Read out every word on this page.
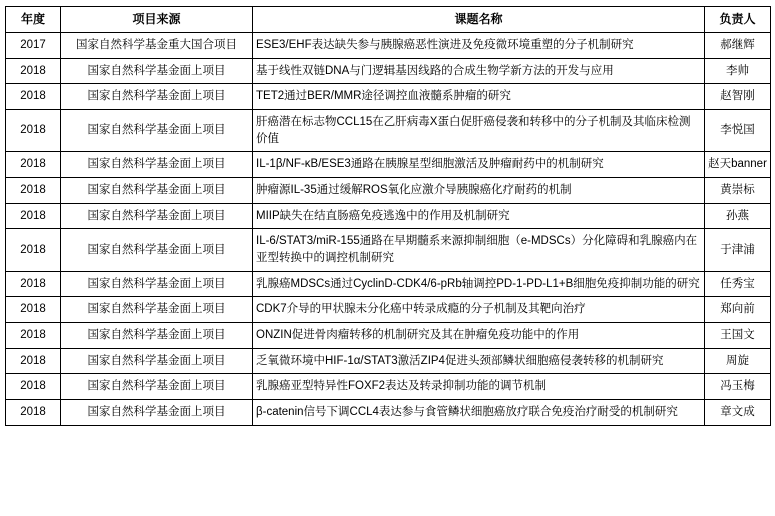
年度	项目来源	课题名称	负责人
2017	国家自然科学基金重大国合项目	ESE3/EHF表达缺失参与胰腺癌恶性演进及免疫微环境重塑的分子机制研究	郝继辉
2018	国家自然科学基金面上项目	基于线性双链DNA与门逻辑基因线路的合成生物学新方法的开发与应用	李帅
2018	国家自然科学基金面上项目	TET2通过BER/MMR途径调控血液髓系肿瘤的研究	赵智刚
2018	国家自然科学基金面上项目	肝癌潜在标志物CCL15在乙肝病毒X蛋白促肝癌侵袭和转移中的分子机制及其临床检测价值	李悦国
2018	国家自然科学基金面上项目	IL-1β/NF-κB/ESE3通路在胰腺星型细胞激活及肿瘤耐药中的机制研究	赵天banner
2018	国家自然科学基金面上项目	肿瘤源IL-35通过缓解ROS氧化应激介导胰腺癌化疗耐药的机制	黄崇标
2018	国家自然科学基金面上项目	MIIP缺失在结直肠癌免疫逃逸中的作用及机制研究	孙燕
2018	国家自然科学基金面上项目	IL-6/STAT3/miR-155通路在早期髓系来源抑制细胞（e-MDSCs）分化障碍和乳腺癌内在亚型转换中的调控机制研究	于津浦
2018	国家自然科学基金面上项目	乳腺癌MDSCs通过CyclinD-CDK4/6-pRb轴调控PD-1-PD-L1+B细胞免疫抑制功能的研究	任秀宝
2018	国家自然科学基金面上项目	CDK7介导的甲状腺未分化癌中转录成瘾的分子机制及其靶向治疗	郑向前
2018	国家自然科学基金面上项目	ONZIN促进骨肉瘤转移的机制研究及其在肿瘤免疫功能中的作用	王国文
2018	国家自然科学基金面上项目	乏氧微环境中HIF-1α/STAT3激活ZIP4促进头颈部鳞状细胞癌侵袭转移的机制研究	周旋
2018	国家自然科学基金面上项目	乳腺癌亚型特异性FOXF2表达及转录抑制功能的调节机制	冯玉梅
2018	国家自然科学基金面上项目	β-catenin信号下调CCL4表达参与食管鳞状细胞癌放疗联合免疫治疗耐受的机制研究	章文成
